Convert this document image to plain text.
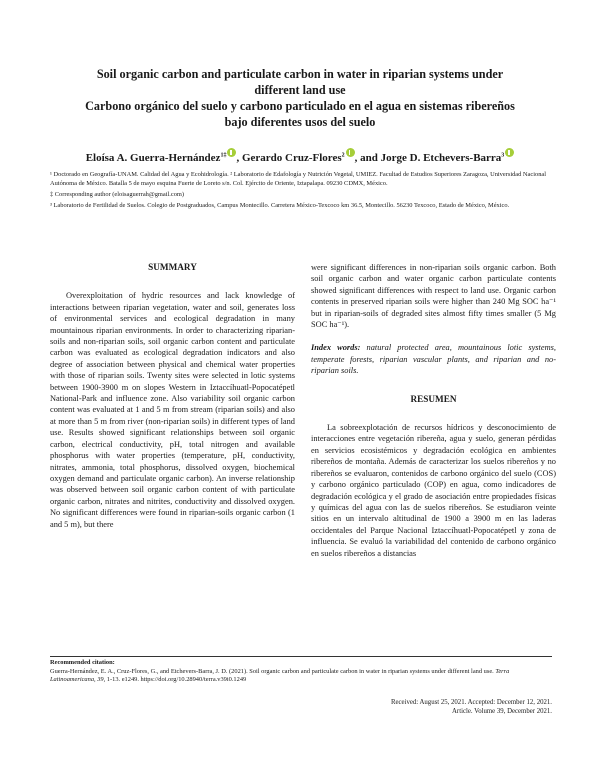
Soil organic carbon and particulate carbon in water in riparian systems under
different land use
Carbono orgánico del suelo y carbono particulado en el agua en sistemas ribereños
bajo diferentes usos del suelo
Eloísa A. Guerra-Hernández$^{1\ddagger}$ , Gerardo Cruz-Flores$^2$ , and Jorge D. Etchevers-Barra$^3$

¹ Doctorado en Geografía-UNAM. Calidad del Agua y Ecohidrología. ² Laboratorio de Edafología y Nutrición Vegetal, UMIEZ. Facultad de Estudios Superiores Zaragoza, Universidad Nacional Autónoma de México. Batalla 5 de mayo esquina Fuerte de Loreto s/n. Col. Ejército de Oriente, Iztapalapa. 09230 CDMX, México.

‡ Corresponding author (eloisaguerrah@gmail.com)

³ Laboratorio de Fertilidad de Suelos. Colegio de Postgraduados, Campus Montecillo. Carretera México-Texcoco km 36.5, Montecillo. 56230 Texcoco, Estado de México, México.

SUMMARY

Overexploitation of hydric resources and lack knowledge of interactions between riparian vegetation, water and soil, generates loss of environmental services and ecological degradation in many mountainous riparian environments. In order to characterizing riparian-soils and non-riparian soils, soil organic carbon content and particulate carbon was evaluated as ecological degradation indicators and also degree of association between physical and chemical water properties with those of riparian soils. Twenty sites were selected in lotic systems between 1900-3900 m on slopes Western in Iztaccíhuatl-Popocatépetl National-Park and influence zone. Also variability soil organic carbon content was evaluated at 1 and 5 m from stream (riparian soils) and also at more than 5 m from river (non-riparian soils) in different types of land use. Results showed significant relationships between soil organic carbon, electrical conductivity, pH, total nitrogen and available phosphorus with water properties (temperature, pH, conductivity, nitrates, ammonia, total phosphorus, dissolved oxygen, biochemical oxygen demand and particulate organic carbon). An inverse relationship was observed between soil organic carbon content of with particulate organic carbon, nitrates and nitrites, conductivity and dissolved oxygen. No significant differences were found in riparian-soils organic carbon (1 and 5 m), but there

were significant differences in non-riparian soils organic carbon. Both soil organic carbon and water organic carbon particulate contents showed significant differences with respect to land use. Organic carbon contents in preserved riparian soils were higher than 240 Mg SOC ha⁻¹ but in riparian-soils of degraded sites almost fifty times smaller (5 Mg SOC ha⁻¹).

Index words: natural protected area, mountainous lotic systems, temperate forests, riparian vascular plants, and riparian and no-riparian soils.

RESUMEN

La sobreexplotación de recursos hídricos y desconocimiento de interacciones entre vegetación ribereña, agua y suelo, generan pérdidas en servicios ecosistémicos y degradación ecológica en ambientes ribereños de montaña. Además de caracterizar los suelos ribereños y no ribereños se evaluaron, contenidos de carbono orgánico del suelo (COS) y carbono orgánico particulado (COP) en agua, como indicadores de degradación ecológica y el grado de asociación entre propiedades físicas y químicas del agua con las de suelos ribereños. Se estudiaron veinte sitios en un intervalo altitudinal de 1900 a 3900 m en las laderas occidentales del Parque Nacional Iztaccíhuatl-Popocatépetl y zona de influencia. Se evaluó la variabilidad del contenido de carbono orgánico en suelos ribereños a distancias

Recommended citation:
Guerra-Hernández, E. A., Cruz-Flores, G., and Etchevers-Barra, J. D. (2021). Soil organic carbon and particulate carbon in water in riparian systems under different land use. Terra Latinoamericana, 39, 1-13. e1249. https://doi.org/10.28940/terra.v39i0.1249
Received: August 25, 2021. Accepted: December 12, 2021.
Article. Volume 39, December 2021.
